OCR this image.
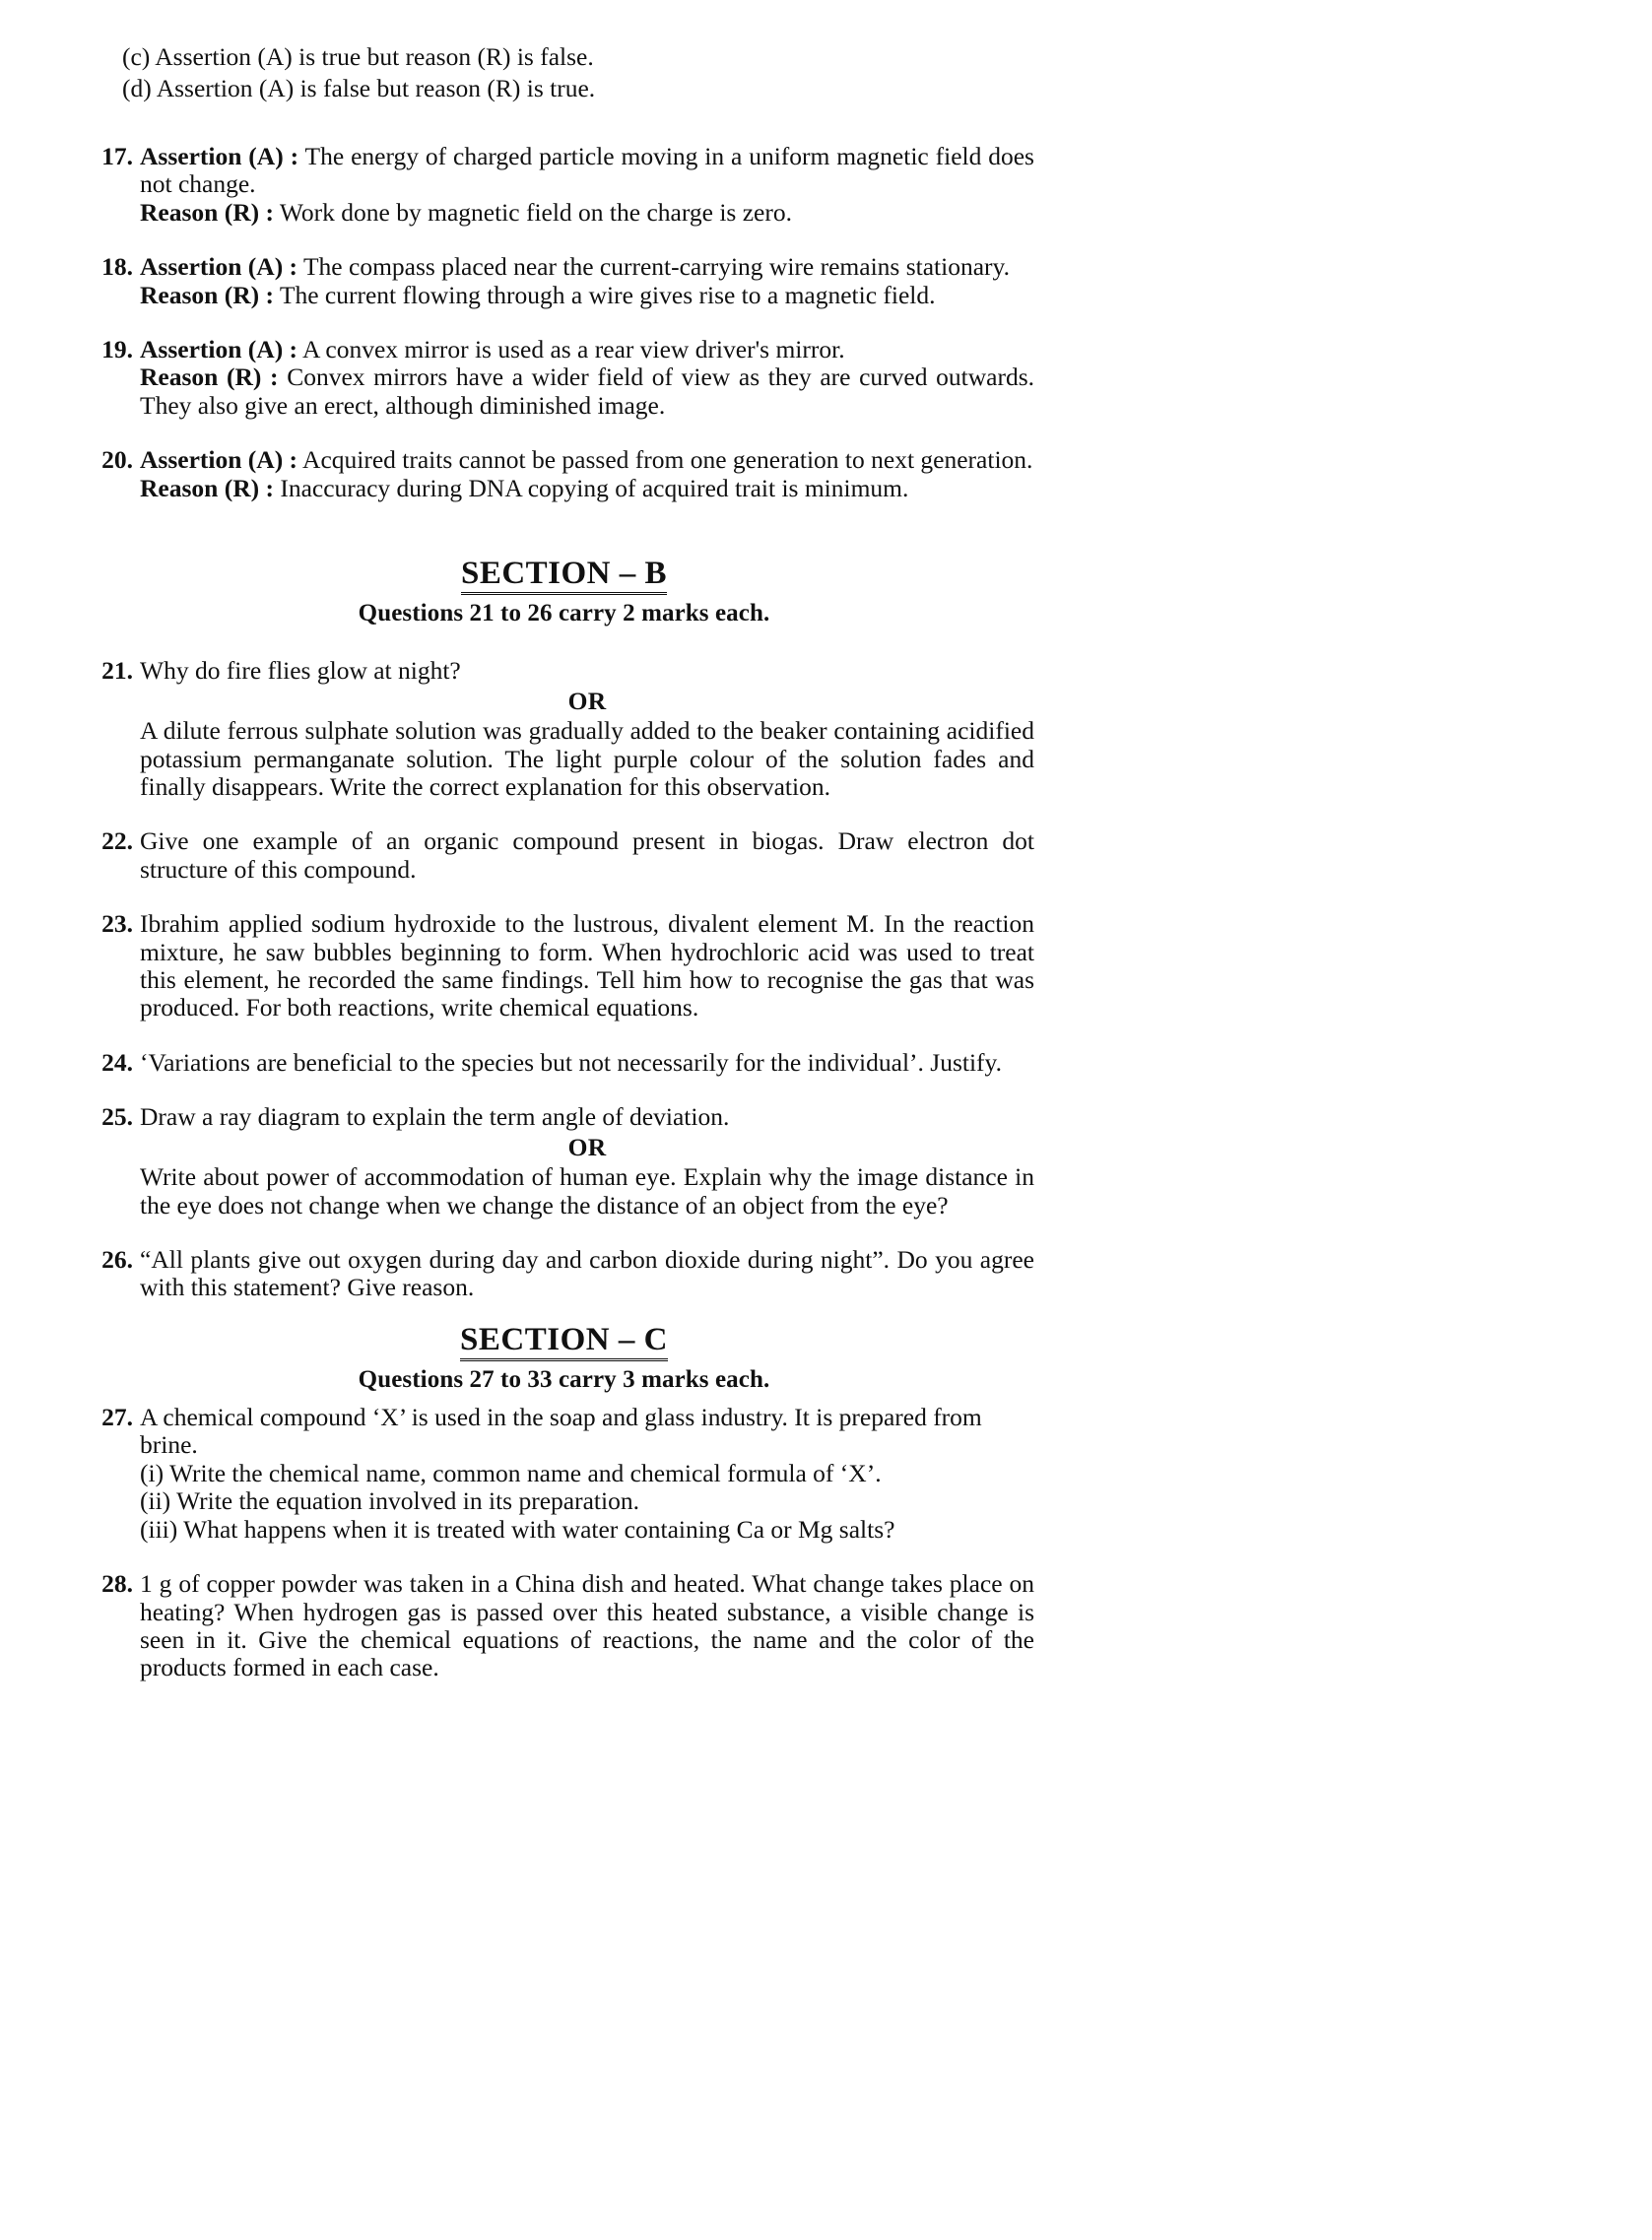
(c) Assertion (A) is true but reason (R) is false.
(d) Assertion (A) is false but reason (R) is true.
17. Assertion (A) : The energy of charged particle moving in a uniform magnetic field does not change.

Reason (R) : Work done by magnetic field on the charge is zero.

18. Assertion (A) : The compass placed near the current-carrying wire remains stationary.

Reason (R) : The current flowing through a wire gives rise to a magnetic field.

19. Assertion (A) : A convex mirror is used as a rear view driver's mirror.

Reason (R) : Convex mirrors have a wider field of view as they are curved outwards. They also give an erect, although diminished image.

20. Assertion (A) : Acquired traits cannot be passed from one generation to next generation.

Reason (R) : Inaccuracy during DNA copying of acquired trait is minimum.

SECTION – B
Questions 21 to 26 carry 2 marks each.
21. Why do fire flies glow at night?

OR

A dilute ferrous sulphate solution was gradually added to the beaker containing acidified potassium permanganate solution. The light purple colour of the solution fades and finally disappears. Write the correct explanation for this observation.

22. Give one example of an organic compound present in biogas. Draw electron dot structure of this compound.

23. Ibrahim applied sodium hydroxide to the lustrous, divalent element M. In the reaction mixture, he saw bubbles beginning to form. When hydrochloric acid was used to treat this element, he recorded the same findings. Tell him how to recognise the gas that was produced. For both reactions, write chemical equations.

24. ‘Variations are beneficial to the species but not necessarily for the individual’. Justify.

25. Draw a ray diagram to explain the term angle of deviation.

OR

Write about power of accommodation of human eye. Explain why the image distance in the eye does not change when we change the distance of an object from the eye?

26. “All plants give out oxygen during day and carbon dioxide during night”. Do you agree with this statement? Give reason.

SECTION – C
Questions 27 to 33 carry 3 marks each.
27. A chemical compound ‘X’ is used in the soap and glass industry. It is prepared from brine.

(i) Write the chemical name, common name and chemical formula of ‘X’.

(ii) Write the equation involved in its preparation.

(iii) What happens when it is treated with water containing Ca or Mg salts?

28. 1 g of copper powder was taken in a China dish and heated. What change takes place on heating? When hydrogen gas is passed over this heated substance, a visible change is seen in it. Give the chemical equations of reactions, the name and the color of the products formed in each case.
